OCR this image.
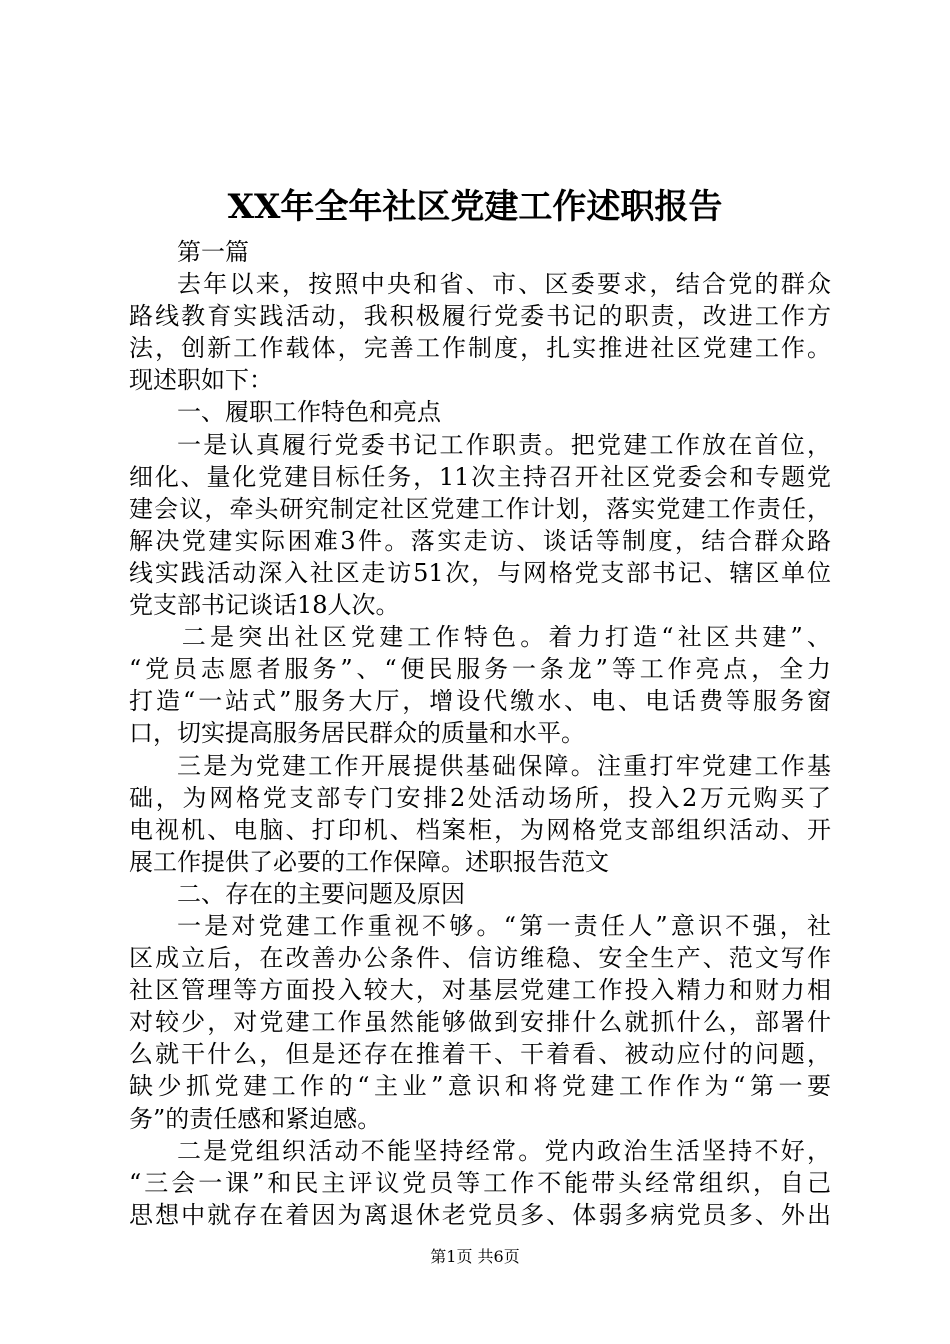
XX年全年社区党建工作述职报告
第一篇
去年以来，按照中央和省、市、区委要求，结合党的群众
路线教育实践活动，我积极履行党委书记的职责，改进工作方
法，创新工作载体，完善工作制度，扎实推进社区党建工作。
现述职如下：
一、履职工作特色和亮点
一是认真履行党委书记工作职责。把党建工作放在首位，
细化、量化党建目标任务，11次主持召开社区党委会和专题党
建会议，牵头研究制定社区党建工作计划，落实党建工作责任，
解决党建实际困难3件。落实走访、谈话等制度，结合群众路
线实践活动深入社区走访51次，与网格党支部书记、辖区单位
党支部书记谈话18人次。
二是突出社区党建工作特色。着力打造“社区共建”、
“党员志愿者服务”、“便民服务一条龙”等工作亮点，全力
打造“一站式”服务大厅，增设代缴水、电、电话费等服务窗
口，切实提高服务居民群众的质量和水平。
三是为党建工作开展提供基础保障。注重打牢党建工作基
础，为网格党支部专门安排2处活动场所，投入2万元购买了
电视机、电脑、打印机、档案柜，为网格党支部组织活动、开
展工作提供了必要的工作保障。述职报告范文
二、存在的主要问题及原因
一是对党建工作重视不够。“第一责任人”意识不强，社
区成立后，在改善办公条件、信访维稳、安全生产、范文写作
社区管理等方面投入较大，对基层党建工作投入精力和财力相
对较少，对党建工作虽然能够做到安排什么就抓什么，部署什
么就干什么，但是还存在推着干、干着看、被动应付的问题，
缺少抓党建工作的“主业”意识和将党建工作作为“第一要
务”的责任感和紧迫感。
二是党组织活动不能坚持经常。党内政治生活坚持不好，
“三会一课”和民主评议党员等工作不能带头经常组织，自己
思想中就存在着因为离退休老党员多、体弱多病党员多、外出
第1页 共6页
